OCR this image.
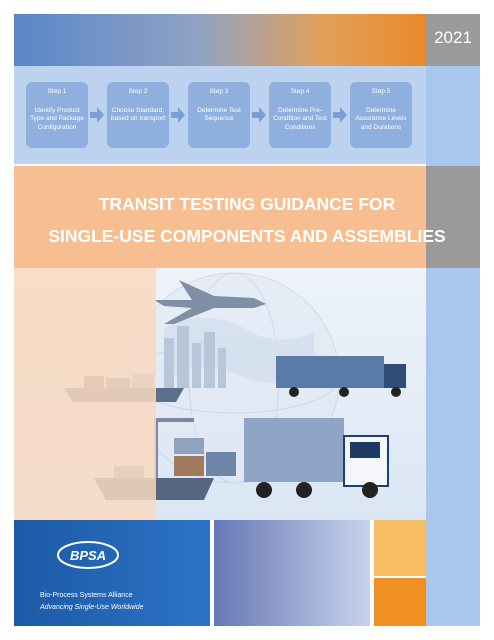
2021
Step 1
Identify Product Type and Package Configuration
Step 2
Choose Standard, based on transport
Step 3
Determine Test Sequence
Step 4
Determine Pre-Condition and Test Conditions
Step 5
Determine Assurance Levels and Durations
TRANSIT TESTING GUIDANCE FOR
SINGLE-USE COMPONENTS AND ASSEMBLIES
BPSA
Bio-Process Systems Alliance
Advancing Single-Use Worldwide
